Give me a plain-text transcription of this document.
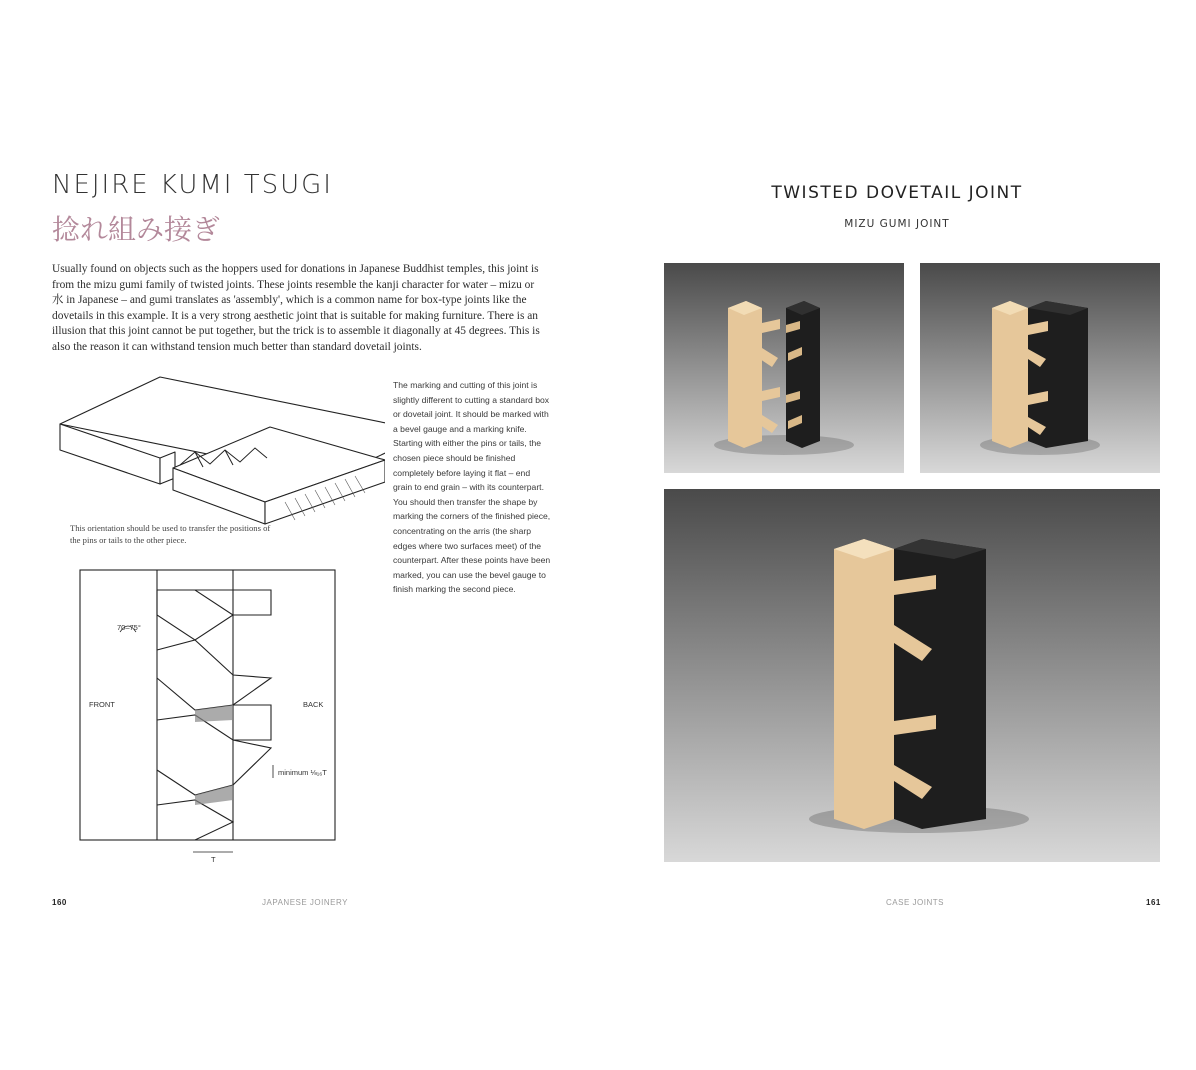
NEJIRE KUMI TSUGI
捻れ組み接ぎ

Usually found on objects such as the hoppers used for donations in Japanese Buddhist temples, this joint is from the mizu gumi family of twisted joints. These joints resemble the kanji character for water – mizu or 水 in Japanese – and gumi translates as 'assembly', which is a common name for box-type joints like the dovetails in this example. It is a very strong aesthetic joint that is suitable for making furniture. There is an illusion that this joint cannot be put together, but the trick is to assemble it diagonally at 45 degrees. This is also the reason it can withstand tension much better than standard dovetail joints.

This orientation should be used to transfer the positions of the pins or tails to the other piece.

70–75°
FRONT	BACK
minimum ⅛₁₆T
T

The marking and cutting of this joint is slightly different to cutting a standard box or dovetail joint. It should be marked with a bevel gauge and a marking knife. Starting with either the pins or tails, the chosen piece should be finished completely before laying it flat – end grain to end grain – with its counterpart. You should then transfer the shape by marking the corners of the finished piece, concentrating on the arris (the sharp edges where two surfaces meet) of the counterpart. After these points have been marked, you can use the bevel gauge to finish marking the second piece.

160	JAPANESE JOINERY
TWISTED DOVETAIL JOINT
MIZU GUMI JOINT
CASE JOINTS	161
